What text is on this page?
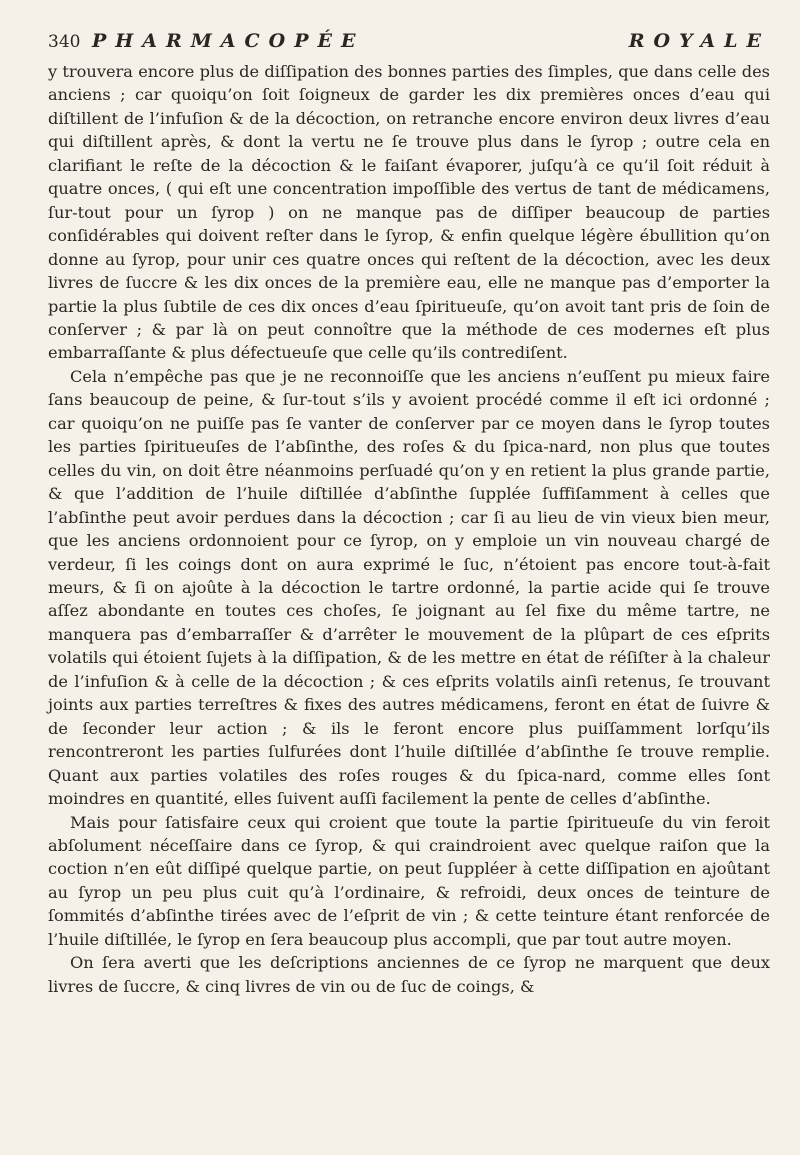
340 PHARMACOPÉE ROYALE

y trouvera encore plus de diſſipation des bonnes parties des ſimples, que dans celle des anciens ; car quoiqu’on ſoit ſoigneux de garder les dix premières onces d’eau qui diſtillent de l’infuſion & de la décoction, on retranche encore environ deux livres d’eau qui diſtillent après, & dont la vertu ne ſe trouve plus dans le ſyrop ; outre cela en clarifiant le reſte de la décoction & le faiſant évaporer, juſqu’à ce qu’il ſoit réduit à quatre onces, ( qui eſt une concentration impoſſible des vertus de tant de médicamens, ſur-tout pour un ſyrop ) on ne manque pas de diſſiper beaucoup de parties conſidérables qui doivent reſter dans le ſyrop, & enfin quelque légère ébullition qu’on donne au ſyrop, pour unir ces quatre onces qui reſtent de la décoction, avec les deux livres de ſuccre & les dix onces de la première eau, elle ne manque pas d’emporter la partie la plus ſubtile de ces dix onces d’eau ſpiritueuſe, qu’on avoit tant pris de ſoin de conſerver ; & par là on peut connoître que la méthode de ces modernes eſt plus embarraſſante & plus défectueuſe que celle qu’ils contrediſent.

Cela n’empêche pas que je ne reconnoiſſe que les anciens n’euſſent pu mieux faire ſans beaucoup de peine, & ſur-tout s’ils y avoient procédé comme il eſt ici ordonné ; car quoiqu’on ne puiſſe pas ſe vanter de conſerver par ce moyen dans le ſyrop toutes les parties ſpiritueuſes de l’abſinthe, des roſes & du ſpica-nard, non plus que toutes celles du vin, on doit être néanmoins perſuadé qu’on y en retient la plus grande partie, & que l’addition de l’huile diſtillée d’abſinthe ſupplée ſuffiſamment à celles que l’abſinthe peut avoir perdues dans la décoction ; car ſi au lieu de vin vieux bien meur, que les anciens ordonnoient pour ce ſyrop, on y emploie un vin nouveau chargé de verdeur, ſi les coings dont on aura exprimé le ſuc, n’étoient pas encore tout-à-fait meurs, & ſi on ajoûte à la décoction le tartre ordonné, la partie acide qui ſe trouve aſſez abondante en toutes ces choſes, ſe joignant au ſel fixe du même tartre, ne manquera pas d’embarraſſer & d’arrêter le mouvement de la plûpart de ces eſprits volatils qui étoient ſujets à la diſſipation, & de les mettre en état de réſiſter à la chaleur de l’infuſion & à celle de la décoction ; & ces eſprits volatils ainſi retenus, ſe trouvant joints aux parties terreſtres & fixes des autres médicamens, feront en état de ſuivre & de ſeconder leur action ; & ils le feront encore plus puiſſamment lorſqu’ils rencontreront les parties ſulfurées dont l’huile diſtillée d’abſinthe ſe trouve remplie. Quant aux parties volatiles des roſes rouges & du ſpica-nard, comme elles ſont moindres en quantité, elles ſuivent auſſi facilement la pente de celles d’abſinthe.

Mais pour ſatisfaire ceux qui croient que toute la partie ſpiritueuſe du vin feroit abſolument néceſſaire dans ce ſyrop, & qui craindroient avec quelque raiſon que la coction n’en eût diſſipé quelque partie, on peut ſuppléer à cette diſſipation en ajoûtant au ſyrop un peu plus cuit qu’à l’ordinaire, & refroidi, deux onces de teinture de ſommités d’abſinthe tirées avec de l’eſprit de vin ; & cette teinture étant renforcée de l’huile diſtillée, le ſyrop en ſera beaucoup plus accompli, que par tout autre moyen.

On ſera averti que les deſcriptions anciennes de ce ſyrop ne marquent que deux livres de ſuccre, & cinq livres de vin ou de ſuc de coings, &
